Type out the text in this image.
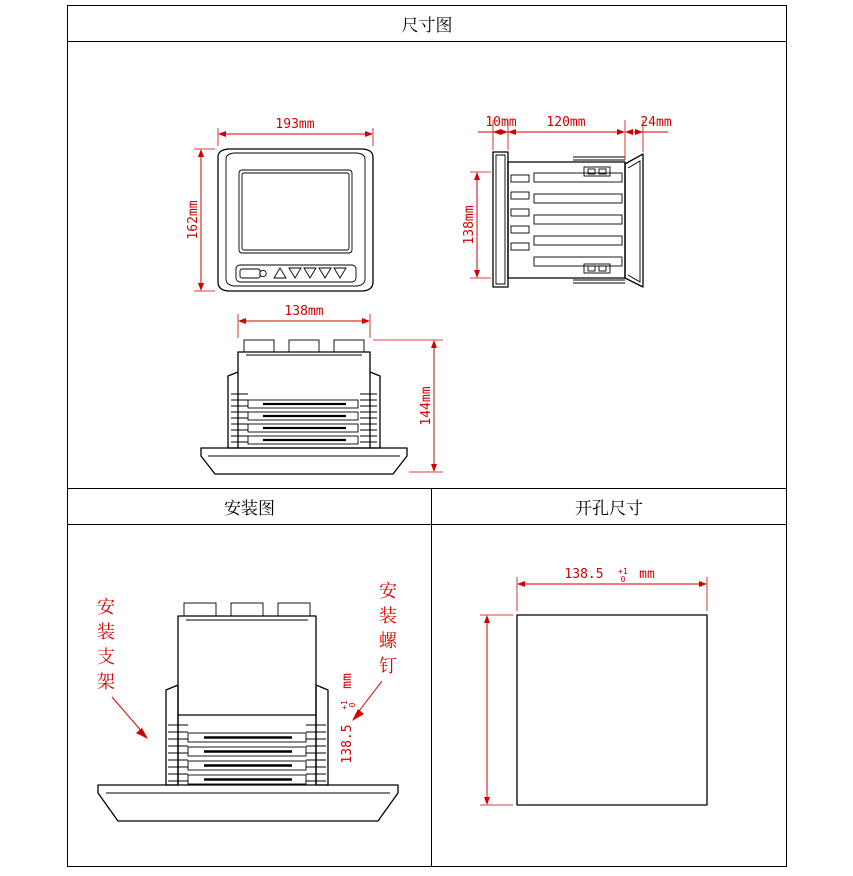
尺寸图
193mm
162mm
10mm 120mm	24mm
138mm
138mm
144mm
安装图	开孔尺寸
安
装
支
架
安
装
螺
钉
138.5 +1
0 mm
138.5
+1 0
mm
